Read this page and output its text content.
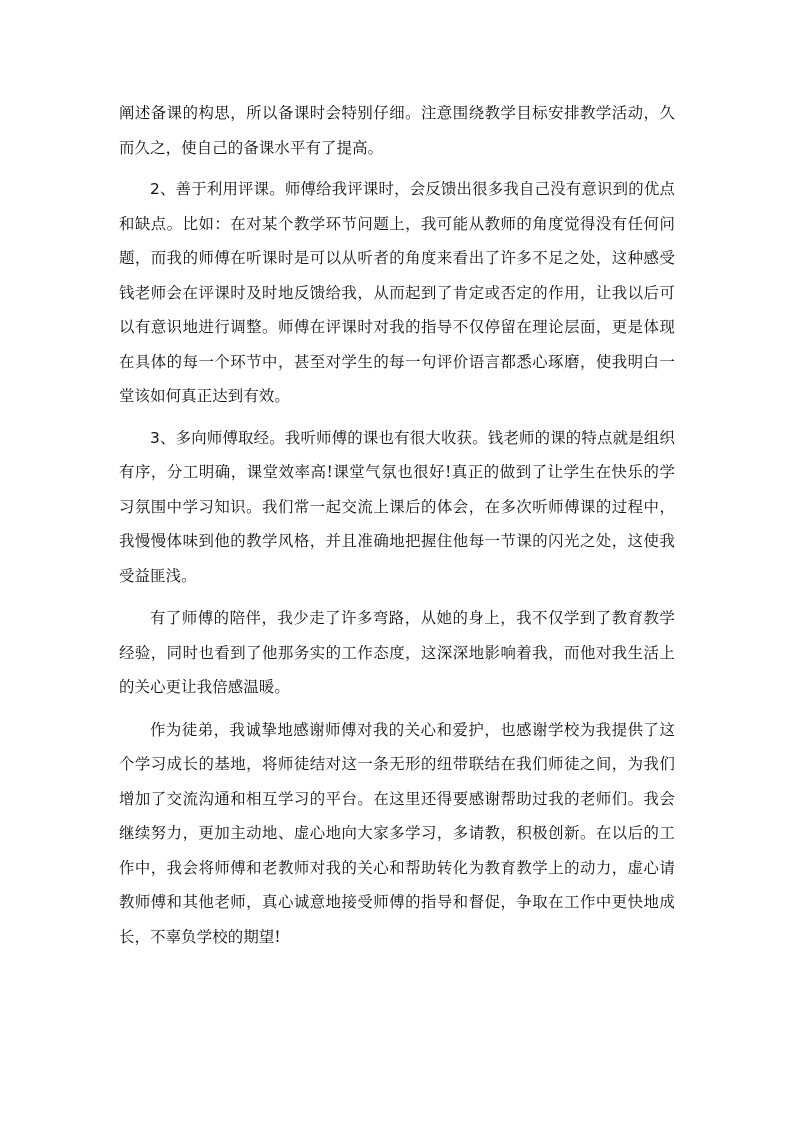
阐述备课的构思，所以备课时会特别仔细。注意围绕教学目标安排教学活动，久而久之，使自己的备课水平有了提高。

2、善于利用评课。师傅给我评课时，会反馈出很多我自己没有意识到的优点和缺点。比如：在对某个教学环节问题上，我可能从教师的角度觉得没有任何问题，而我的师傅在听课时是可以从听者的角度来看出了许多不足之处，这种感受钱老师会在评课时及时地反馈给我，从而起到了肯定或否定的作用，让我以后可以有意识地进行调整。师傅在评课时对我的指导不仅停留在理论层面，更是体现在具体的每一个环节中，甚至对学生的每一句评价语言都悉心琢磨，使我明白一堂该如何真正达到有效。

3、多向师傅取经。我听师傅的课也有很大收获。钱老师的课的特点就是组织有序，分工明确，课堂效率高!课堂气氛也很好!真正的做到了让学生在快乐的学习氛围中学习知识。我们常一起交流上课后的体会，在多次听师傅课的过程中，我慢慢体味到他的教学风格，并且准确地把握住他每一节课的闪光之处，这使我受益匪浅。

有了师傅的陪伴，我少走了许多弯路，从她的身上，我不仅学到了教育教学经验，同时也看到了他那务实的工作态度，这深深地影响着我，而他对我生活上的关心更让我倍感温暖。

作为徒弟，我诚挚地感谢师傅对我的关心和爱护，也感谢学校为我提供了这个学习成长的基地，将师徒结对这一条无形的纽带联结在我们师徒之间，为我们增加了交流沟通和相互学习的平台。在这里还得要感谢帮助过我的老师们。我会继续努力，更加主动地、虚心地向大家多学习，多请教，积极创新。在以后的工作中，我会将师傅和老教师对我的关心和帮助转化为教育教学上的动力，虚心请教师傅和其他老师，真心诚意地接受师傅的指导和督促，争取在工作中更快地成长，不辜负学校的期望!
